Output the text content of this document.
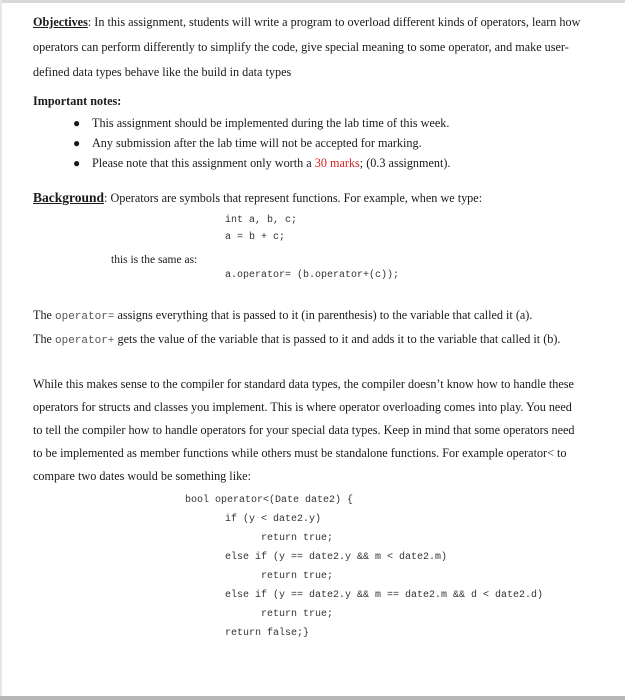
Objectives: In this assignment, students will write a program to overload different kinds of operators, learn how
operators can perform differently to simplify the code, give special meaning to some operator, and make user-
defined data types behave like the build in data types
Important notes:
● This assignment should be implemented during the lab time of this week.
● Any submission after the lab time will not be accepted for marking.
● Please note that this assignment only worth a 30 marks; (0.3 assignment).
Background: Operators are symbols that represent functions. For example, when we type:
int a, b, c;
a = b + c;
this is the same as:
a.operator= (b.operator+(c));
The operator= assigns everything that is passed to it (in parenthesis) to the variable that called it (a).
The operator+ gets the value of the variable that is passed to it and adds it to the variable that called it (b).
While this makes sense to the compiler for standard data types, the compiler doesn’t know how to handle these
operators for structs and classes you implement. This is where operator overloading comes into play. You need
to tell the compiler how to handle operators for your special data types. Keep in mind that some operators need
to be implemented as member functions while others must be standalone functions. For example operator< to
compare two dates would be something like:
bool operator<(Date date2) {
if (y < date2.y)
return true;
else if (y == date2.y && m < date2.m)
return true;
else if (y == date2.y && m == date2.m && d < date2.d)
return true;
return false;}
